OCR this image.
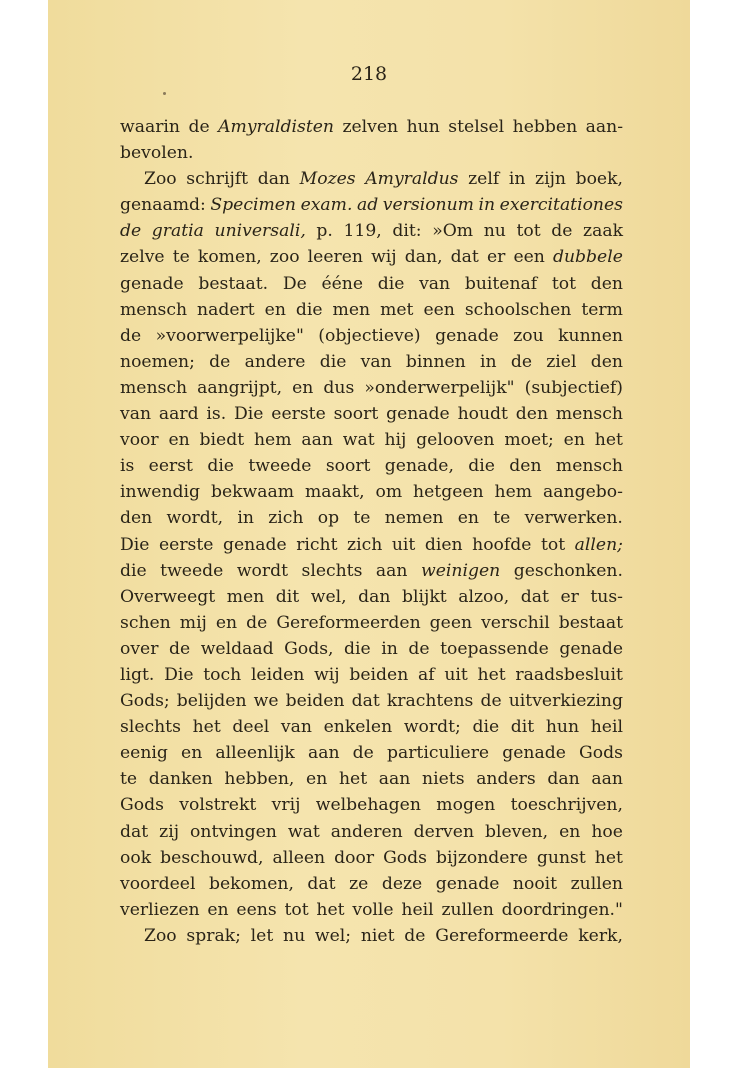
218
waarin de Amyraldisten zelven hun stelsel hebben aan-
bevolen.
Zoo schrijft dan Mozes Amyraldus zelf in zijn boek,
genaamd: Specimen exam. ad versionum in exercitationes
de gratia universali, p. 119, dit: »Om nu tot de zaak
zelve te komen, zoo leeren wij dan, dat er een dubbele
genade bestaat. De ééne die van buitenaf tot den
mensch nadert en die men met een schoolschen term
de »voorwerpelijke" (objectieve) genade zou kunnen
noemen; de andere die van binnen in de ziel den
mensch aangrijpt, en dus »onderwerpelijk" (subjectief)
van aard is. Die eerste soort genade houdt den mensch
voor en biedt hem aan wat hij gelooven moet; en het
is eerst die tweede soort genade, die den mensch
inwendig bekwaam maakt, om hetgeen hem aangebo-
den wordt, in zich op te nemen en te verwerken.
Die eerste genade richt zich uit dien hoofde tot allen;
die tweede wordt slechts aan weinigen geschonken.
Overweegt men dit wel, dan blijkt alzoo, dat er tus-
schen mij en de Gereformeerden geen verschil bestaat
over de weldaad Gods, die in de toepassende genade
ligt. Die toch leiden wij beiden af uit het raadsbesluit
Gods; belijden we beiden dat krachtens de uitverkiezing
slechts het deel van enkelen wordt; die dit hun heil
eenig en alleenlijk aan de particuliere genade Gods
te danken hebben, en het aan niets anders dan aan
Gods volstrekt vrij welbehagen mogen toeschrijven,
dat zij ontvingen wat anderen derven bleven, en hoe
ook beschouwd, alleen door Gods bijzondere gunst het
voordeel bekomen, dat ze deze genade nooit zullen
verliezen en eens tot het volle heil zullen doordringen."
Zoo sprak; let nu wel; niet de Gereformeerde kerk,
